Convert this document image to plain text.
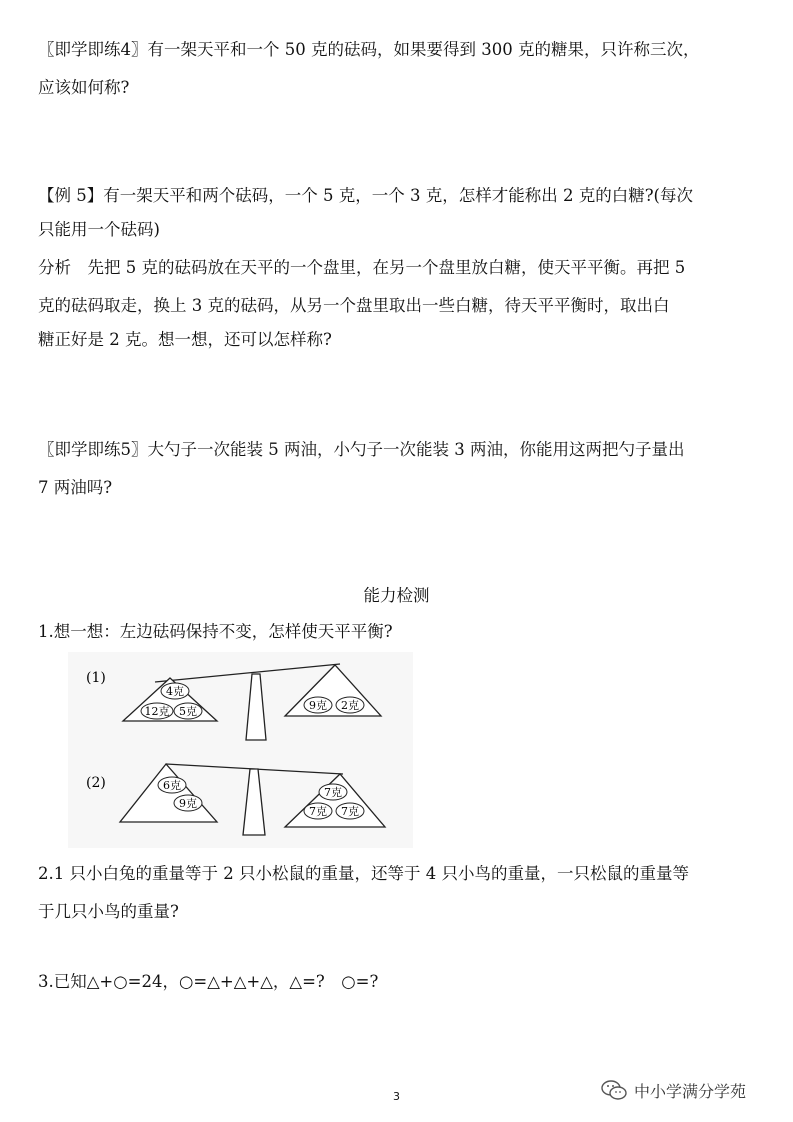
〖即学即练4〗有一架天平和一个 50 克的砝码，如果要得到 300 克的糖果，只许称三次，
应该如何称?
【例 5】有一架天平和两个砝码，一个 5 克，一个 3 克，怎样才能称出 2 克的白糖?(每次
只能用一个砝码)
分析　先把 5 克的砝码放在天平的一个盘里，在另一个盘里放白糖，使天平平衡。再把 5
克的砝码取走，换上 3 克的砝码，从另一个盘里取出一些白糖，待天平平衡时，取出白
糖正好是 2 克。想一想，还可以怎样称?
〖即学即练5〗大勺子一次能装 5 两油，小勺子一次能装 3 两油，你能用这两把勺子量出
7 两油吗?
能力检测
1.想一想：左边砝码保持不变，怎样使天平平衡?
(1)
4克
12克 5克	9克 2克
(2)	6克
9克
7克
7克 7克
2.1 只小白兔的重量等于 2 只小松鼠的重量，还等于 4 只小鸟的重量，一只松鼠的重量等
于几只小鸟的重量?
3.已知△+○=24，○=△+△+△，△=?　○=?
3	中小学满分学苑
